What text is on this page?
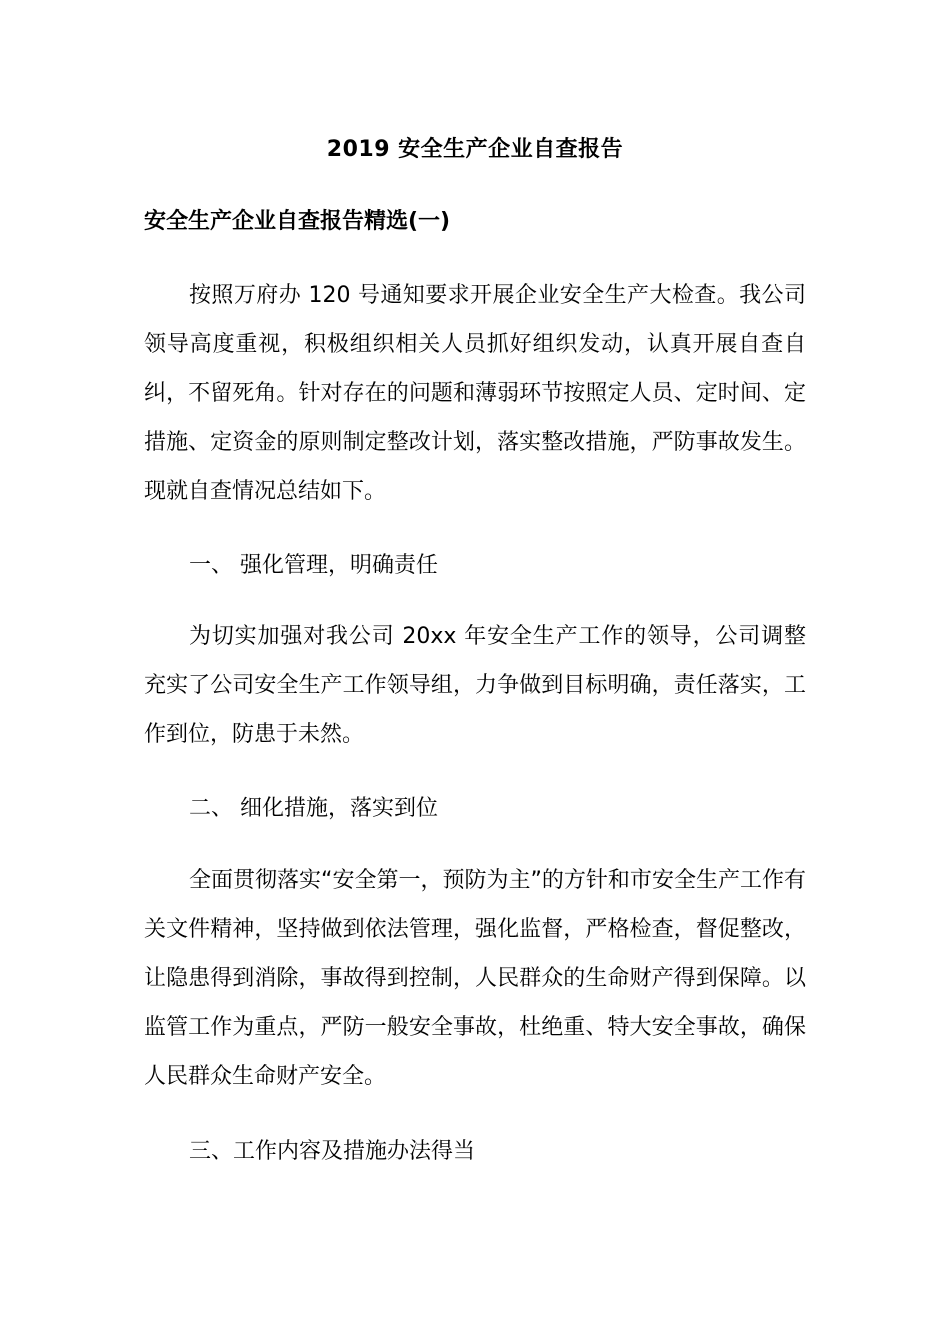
2019 安全生产企业自查报告
安全生产企业自查报告精选(一)

按照万府办 120 号通知要求开展企业安全生产大检查。我公司领导高度重视，积极组织相关人员抓好组织发动，认真开展自查自纠，不留死角。针对存在的问题和薄弱环节按照定人员、定时间、定措施、定资金的原则制定整改计划，落实整改措施，严防事故发生。现就自查情况总结如下。

一、 强化管理，明确责任

为切实加强对我公司 20xx 年安全生产工作的领导，公司调整充实了公司安全生产工作领导组，力争做到目标明确，责任落实，工作到位，防患于未然。

二、 细化措施，落实到位

全面贯彻落实“安全第一，预防为主”的方针和市安全生产工作有关文件精神，坚持做到依法管理，强化监督，严格检查，督促整改，让隐患得到消除，事故得到控制，人民群众的生命财产得到保障。以监管工作为重点，严防一般安全事故，杜绝重、特大安全事故，确保人民群众生命财产安全。

三、工作内容及措施办法得当
